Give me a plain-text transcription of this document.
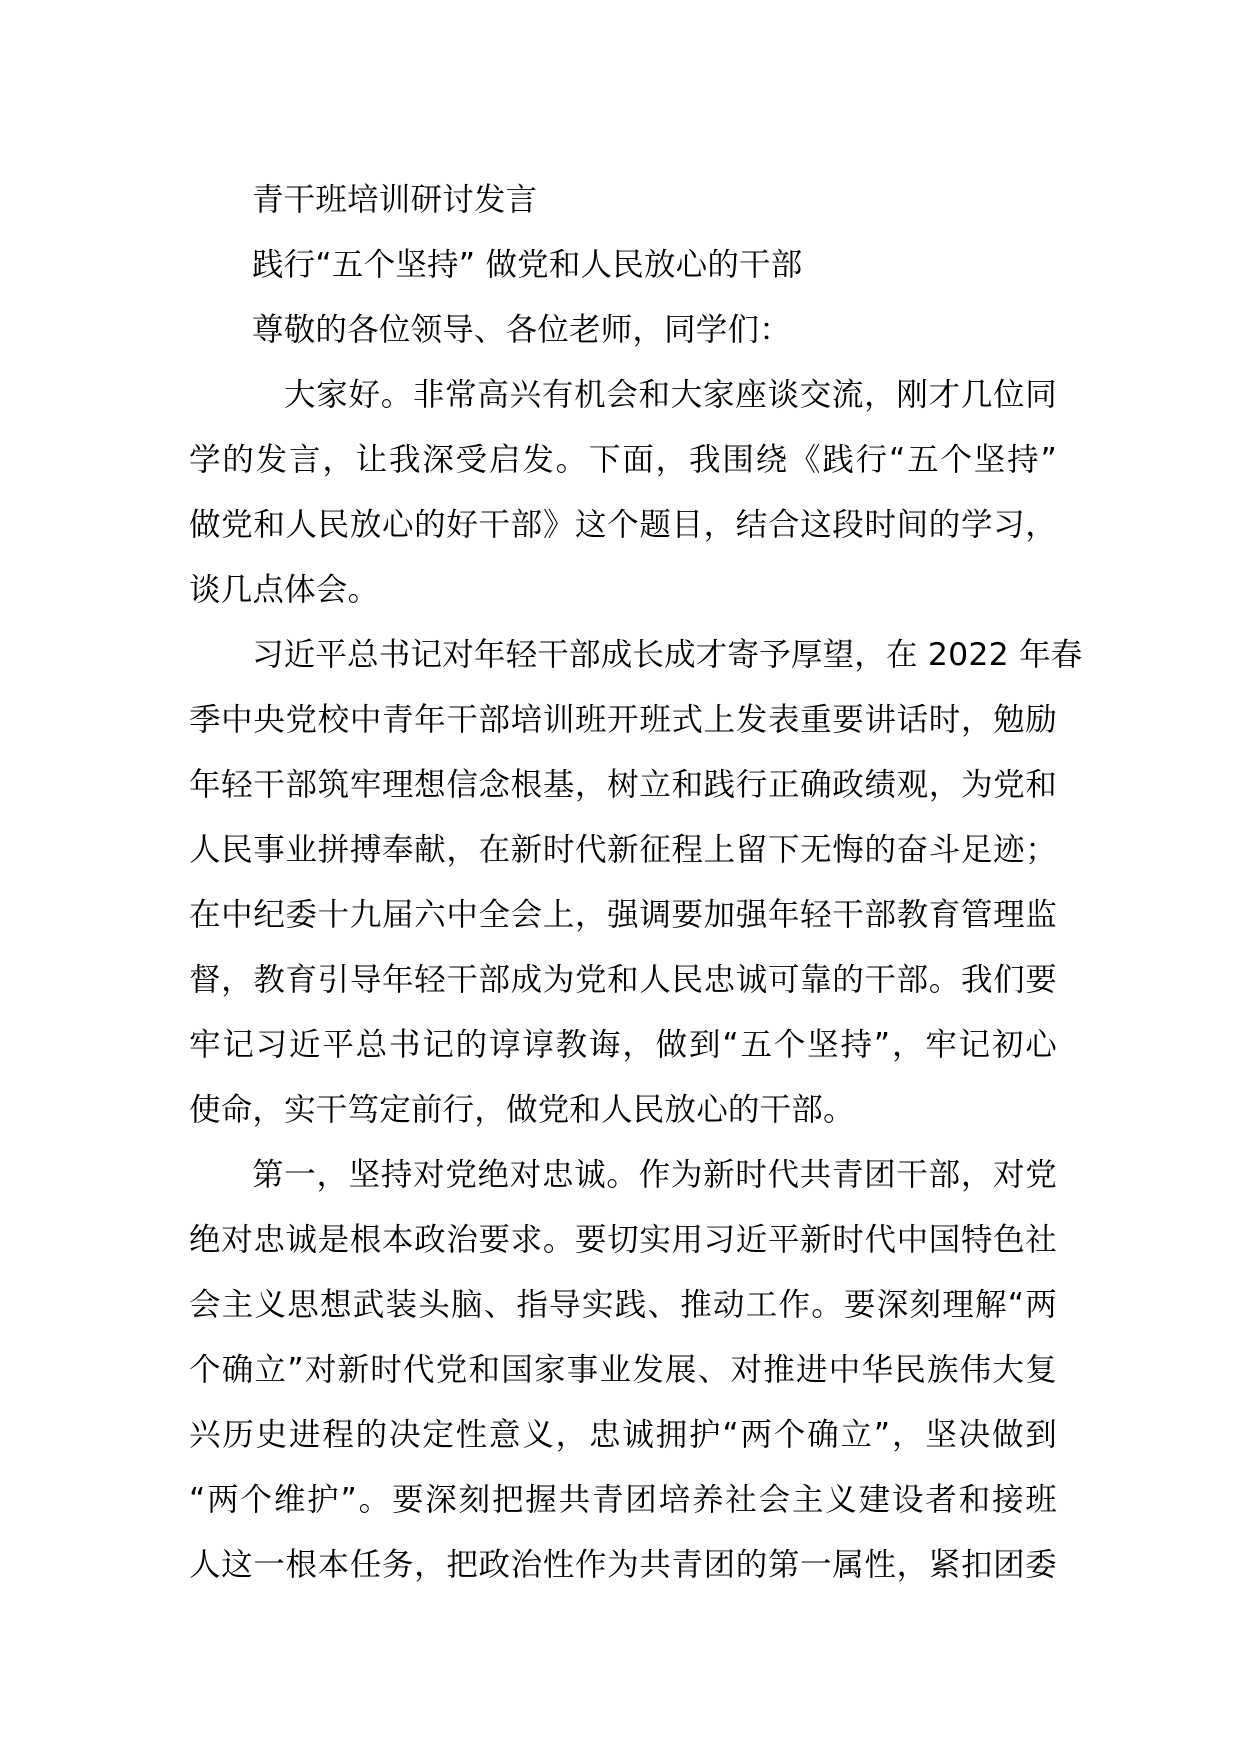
青干班培训研讨发言
践行“五个坚持” 做党和人民放心的干部
尊敬的各位领导、各位老师，同学们：
大家好。非常高兴有机会和大家座谈交流，刚才几位同
学的发言，让我深受启发。下面，我围绕《践行“五个坚持”
做党和人民放心的好干部》这个题目，结合这段时间的学习，
谈几点体会。
习近平总书记对年轻干部成长成才寄予厚望，在 2022 年春
季中央党校中青年干部培训班开班式上发表重要讲话时，勉励
年轻干部筑牢理想信念根基，树立和践行正确政绩观，为党和
人民事业拼搏奉献，在新时代新征程上留下无悔的奋斗足迹；
在中纪委十九届六中全会上，强调要加强年轻干部教育管理监
督，教育引导年轻干部成为党和人民忠诚可靠的干部。我们要
牢记习近平总书记的谆谆教诲，做到“五个坚持”，牢记初心
使命，实干笃定前行，做党和人民放心的干部。
第一，坚持对党绝对忠诚。作为新时代共青团干部，对党
绝对忠诚是根本政治要求。要切实用习近平新时代中国特色社
会主义思想武装头脑、指导实践、推动工作。要深刻理解“两
个确立”对新时代党和国家事业发展、对推进中华民族伟大复
兴历史进程的决定性意义，忠诚拥护“两个确立”，坚决做到
“两个维护”。要深刻把握共青团培养社会主义建设者和接班
人这一根本任务，把政治性作为共青团的第一属性，紧扣团委
